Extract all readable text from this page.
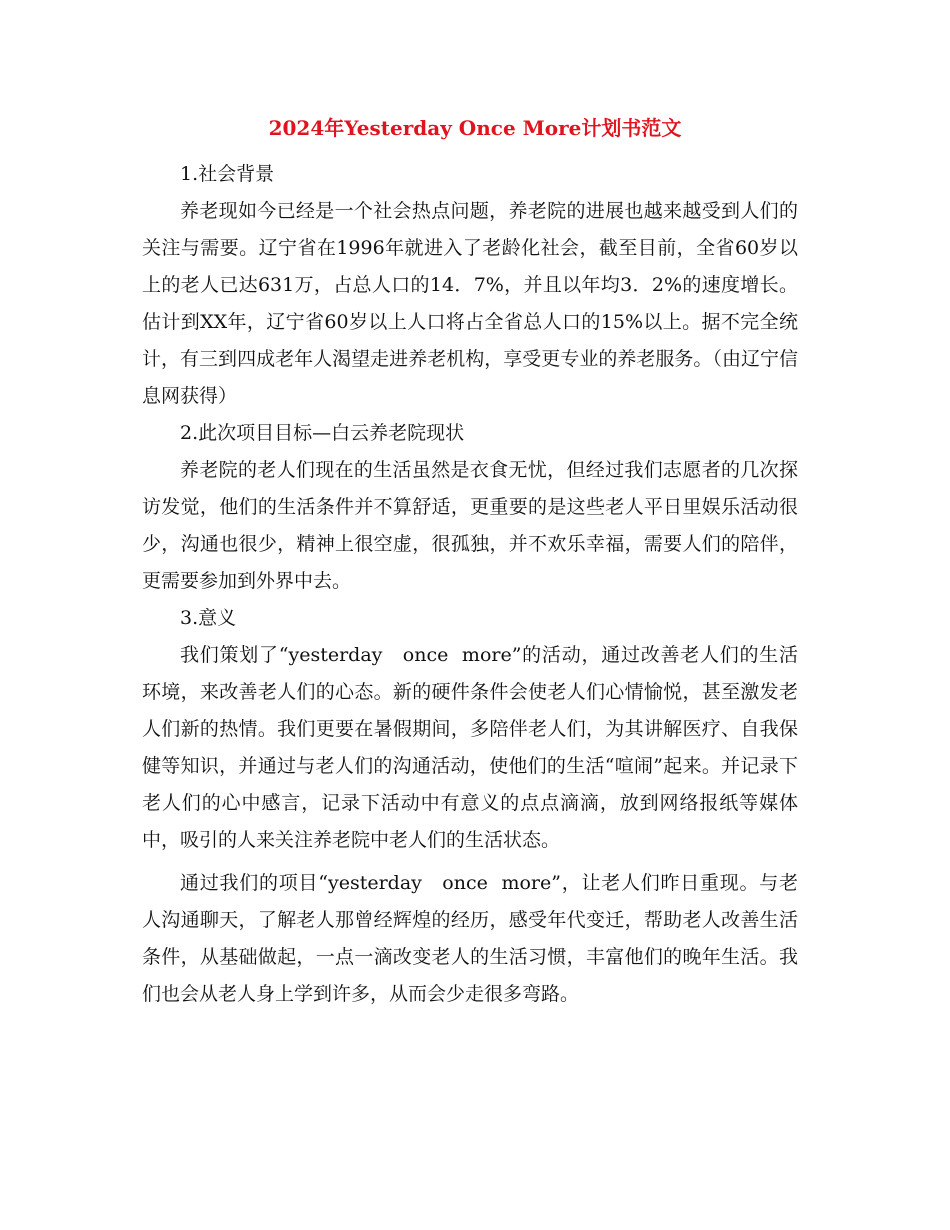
2024年Yesterday Once More计划书范文

1.社会背景

养老现如今已经是一个社会热点问题，养老院的进展也越来越受到人们的关注与需要。辽宁省在1996年就进入了老龄化社会，截至目前，全省60岁以上的老人已达631万，占总人口的14．7%，并且以年均3．2%的速度增长。估计到XX年，辽宁省60岁以上人口将占全省总人口的15%以上。据不完全统计，有三到四成老年人渴望走进养老机构，享受更专业的养老服务。（由辽宁信息网获得）

2.此次项目目标—白云养老院现状

养老院的老人们现在的生活虽然是衣食无忧，但经过我们志愿者的几次探访发觉，他们的生活条件并不算舒适，更重要的是这些老人平日里娱乐活动很少，沟通也很少，精神上很空虚，很孤独，并不欢乐幸福，需要人们的陪伴，更需要参加到外界中去。

3.意义

我们策划了“yesterday   once  more”的活动，通过改善老人们的生活环境，来改善老人们的心态。新的硬件条件会使老人们心情愉悦，甚至激发老人们新的热情。我们更要在暑假期间，多陪伴老人们，为其讲解医疗、自我保健等知识，并通过与老人们的沟通活动，使他们的生活“喧闹”起来。并记录下老人们的心中感言，记录下活动中有意义的点点滴滴，放到网络报纸等媒体中，吸引的人来关注养老院中老人们的生活状态。

通过我们的项目“yesterday   once  more”，让老人们昨日重现。与老人沟通聊天，了解老人那曾经辉煌的经历，感受年代变迁，帮助老人改善生活条件，从基础做起，一点一滴改变老人的生活习惯，丰富他们的晚年生活。我们也会从老人身上学到许多，从而会少走很多弯路。
